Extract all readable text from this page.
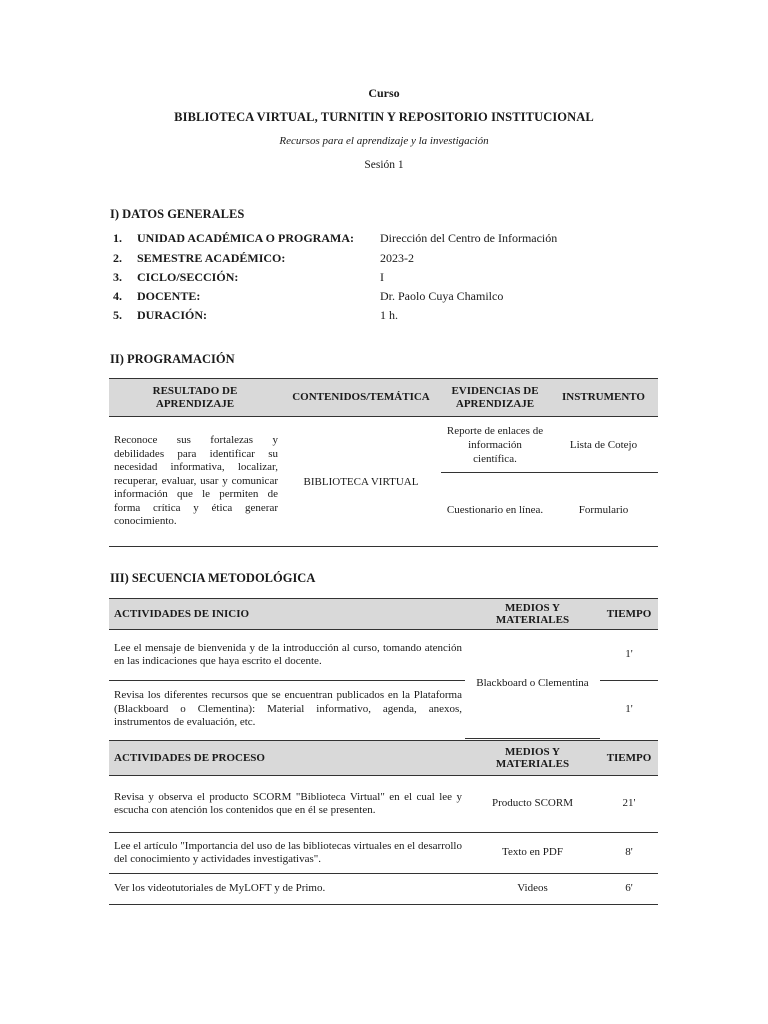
Curso
BIBLIOTECA VIRTUAL, TURNITIN Y REPOSITORIO INSTITUCIONAL
Recursos para el aprendizaje y la investigación
Sesión 1
I) DATOS GENERALES
1. UNIDAD ACADÉMICA O PROGRAMA: Dirección del Centro de Información
2. SEMESTRE ACADÉMICO:	2023-2
3. CICLO/SECCIÓN:	I
4. DOCENTE:	Dr. Paolo Cuya Chamilco
5. DURACIÓN:	1 h.
II) PROGRAMACIÓN
RESULTADO DE APRENDIZAJE	CONTENIDOS/TEMÁTICA	EVIDENCIAS DE APRENDIZAJE	INSTRUMENTO
Reconoce sus fortalezas y debilidades para identificar su necesidad informativa, localizar, recuperar, evaluar, usar y comunicar información que le permiten de forma crítica y ética generar conocimiento.	BIBLIOTECA VIRTUAL	Reporte de enlaces de información científica.	Lista de Cotejo
		Cuestionario en línea.	Formulario
III) SECUENCIA METODOLÓGICA
ACTIVIDADES DE INICIO	MEDIOS Y MATERIALES	TIEMPO
Lee el mensaje de bienvenida y de la introducción al curso, tomando atención en las indicaciones que haya escrito el docente.	Blackboard o Clementina	1'
Revisa los diferentes recursos que se encuentran publicados en la Plataforma (Blackboard o Clementina): Material informativo, agenda, anexos, instrumentos de evaluación, etc.		1'
ACTIVIDADES DE PROCESO	MEDIOS Y MATERIALES	TIEMPO
Revisa y observa el producto SCORM "Biblioteca Virtual" en el cual lee y escucha con atención los contenidos que en él se presenten.	Producto SCORM	21'
Lee el artículo "Importancia del uso de las bibliotecas virtuales en el desarrollo del conocimiento y actividades investigativas".	Texto en PDF	8'
Ver los videotutoriales de MyLOFT y de Primo.	Videos	6'
